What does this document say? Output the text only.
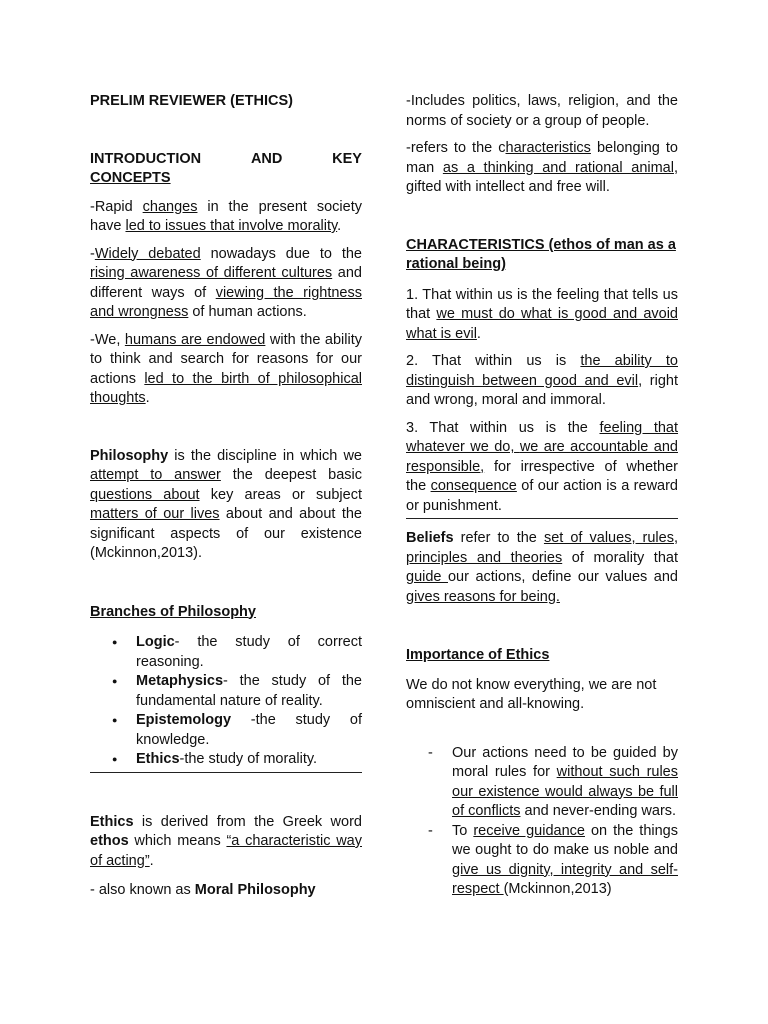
PRELIM REVIEWER (ETHICS)

INTRODUCTION	AND	KEY
CONCEPTS

-Rapid changes in the present society have led to issues that involve morality.

-Widely debated nowadays due to the rising awareness of different cultures and different ways of viewing the rightness and wrongness of human actions.

-We, humans are endowed with the ability to think and search for reasons for our actions led to the birth of philosophical thoughts.

Philosophy is the discipline in which we attempt to answer the deepest basic questions about key areas or subject matters of our lives about and about the significant aspects of our existence (Mckinnon,2013).

Branches of Philosophy

● Logic- the study of correct reasoning.
● Metaphysics- the study of the fundamental nature of reality.
● Epistemology -the study of knowledge.
● Ethics-the study of morality.

Ethics is derived from the Greek word ethos which means “a characteristic way of acting”.

- also known as Moral Philosophy

-Includes politics, laws, religion, and the norms of society or a group of people.

-refers to the characteristics belonging to man as a thinking and rational animal, gifted with intellect and free will.

CHARACTERISTICS (ethos of man as a rational being)

1. That within us is the feeling that tells us that we must do what is good and avoid what is evil.

2. That within us is the ability to distinguish between good and evil, right and wrong, moral and immoral.

3. That within us is the feeling that whatever we do, we are accountable and responsible, for irrespective of whether the consequence of our action is a reward or punishment.

Beliefs refer to the set of values, rules, principles and theories of morality that guide our actions, define our values and gives reasons for being.

Importance of Ethics

We do not know everything, we are not omniscient and all-knowing.

- Our actions need to be guided by moral rules for without such rules our existence would always be full of conflicts and never-ending wars.
- To receive guidance on the things we ought to do make us noble and give us dignity, integrity and self-respect (Mckinnon,2013)
